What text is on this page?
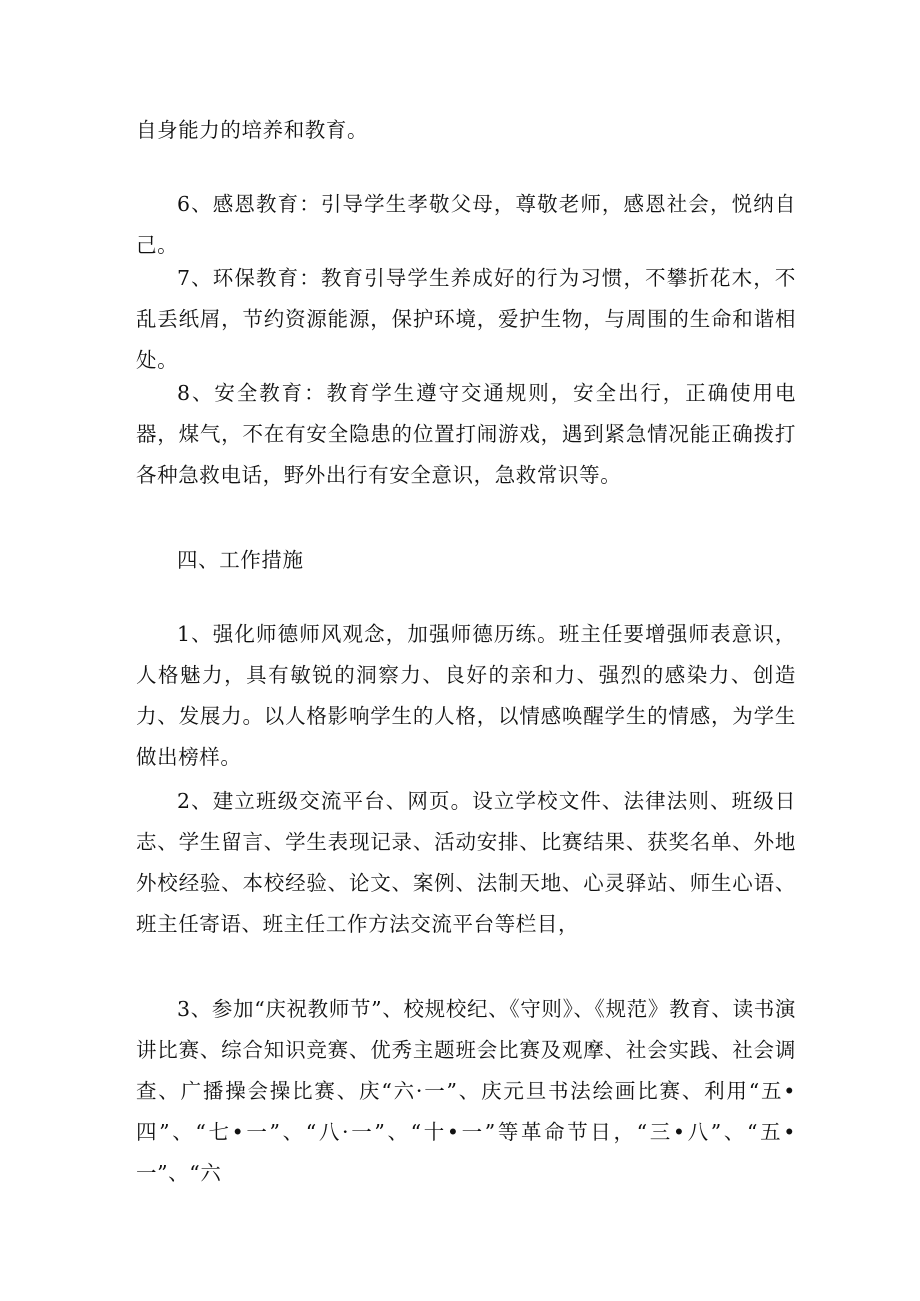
自身能力的培养和教育。

6、感恩教育：引导学生孝敬父母，尊敬老师，感恩社会，悦纳自己。

7、环保教育：教育引导学生养成好的行为习惯，不攀折花木，不乱丢纸屑，节约资源能源，保护环境，爱护生物，与周围的生命和谐相处。

8、安全教育：教育学生遵守交通规则，安全出行，正确使用电器，煤气，不在有安全隐患的位置打闹游戏，遇到紧急情况能正确拨打各种急救电话，野外出行有安全意识，急救常识等。

四、工作措施

1、强化师德师风观念，加强师德历练。班主任要增强师表意识，人格魅力，具有敏锐的洞察力、良好的亲和力、强烈的感染力、创造力、发展力。以人格影响学生的人格，以情感唤醒学生的情感，为学生做出榜样。

2、建立班级交流平台、网页。设立学校文件、法律法则、班级日志、学生留言、学生表现记录、活动安排、比赛结果、获奖名单、外地外校经验、本校经验、论文、案例、法制天地、心灵驿站、师生心语、班主任寄语、班主任工作方法交流平台等栏目，

3、参加“庆祝教师节”、校规校纪、《守则》、《规范》教育、读书演讲比赛、综合知识竞赛、优秀主题班会比赛及观摩、社会实践、社会调查、广播操会操比赛、庆“六·一”、庆元旦书法绘画比赛、利用“五•四”、“七•一”、“八·一”、“十•一”等革命节日，“三•八”、“五•一”、“六
